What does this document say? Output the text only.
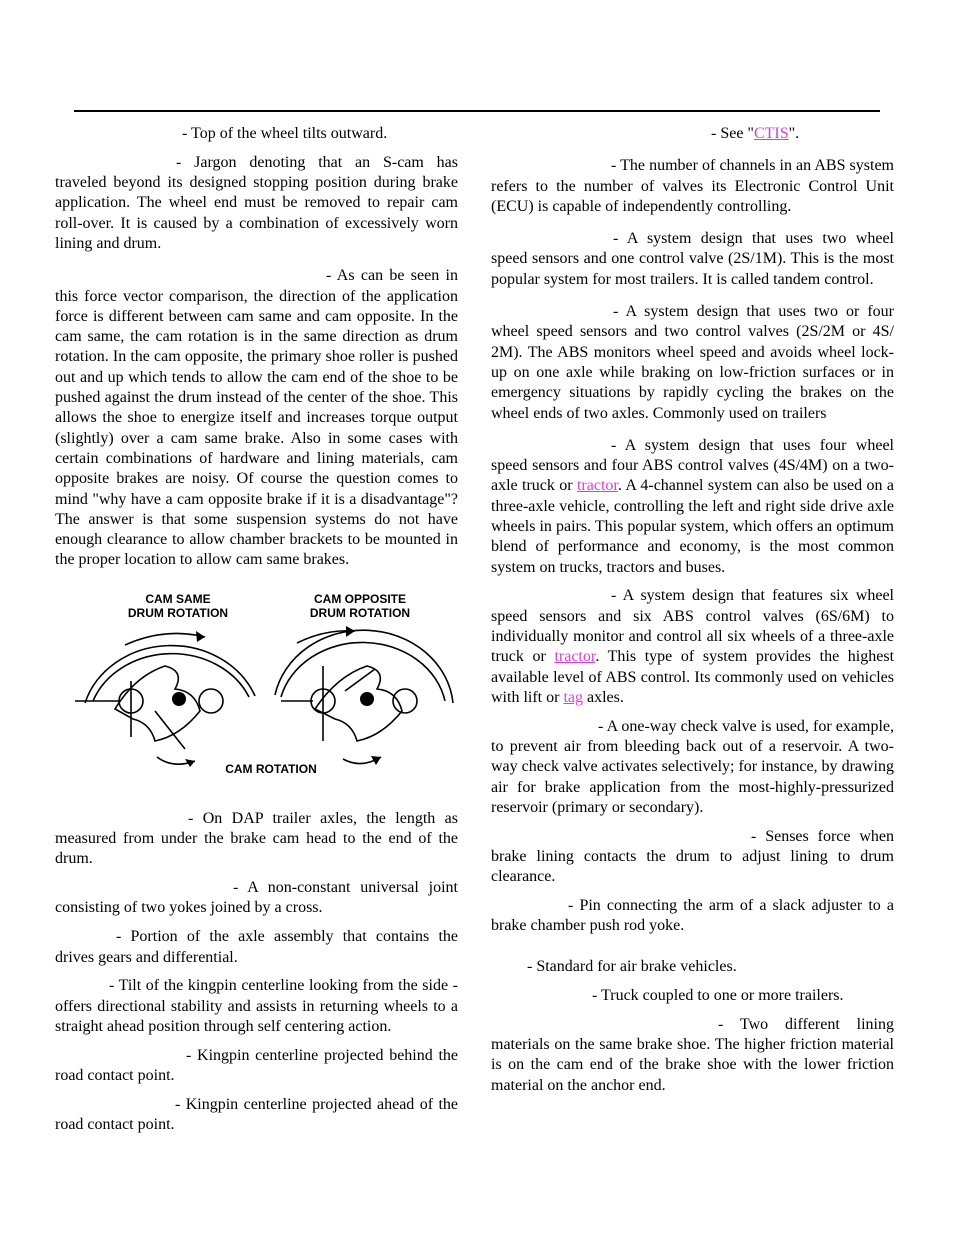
- Top of the wheel tilts outward.

- Jargon denoting that an S-cam has traveled beyond its designed stopping position during brake application. The wheel end must be removed to repair cam roll-over. It is caused by a combination of excessively worn lining and drum.

- As can be seen in this force vector comparison, the direction of the application force is different between cam same and cam opposite. In the cam same, the cam rotation is in the same direction as drum rotation. In the cam opposite, the primary shoe roller is pushed out and up which tends to allow the cam end of the shoe to be pushed against the drum instead of the center of the shoe. This allows the shoe to energize itself and increases torque output (slightly) over a cam same brake. Also in some cases with certain combinations of hardware and lining materials, cam opposite brakes are noisy. Of course the question comes to mind "why have a cam opposite brake if it is a disadvantage"? The answer is that some suspension systems do not have enough clearance to allow chamber brackets to be mounted in the proper location to allow cam same brakes.

CAM SAME
DRUM ROTATION
CAM OPPOSITE
DRUM ROTATION
CAM ROTATION

- On DAP trailer axles, the length as measured from under the brake cam head to the end of the drum.

- A non-constant universal joint consisting of two yokes joined by a cross.

- Portion of the axle assembly that contains the drives gears and differential.

- Tilt of the kingpin centerline looking from the side - offers directional stability and assists in returning wheels to a straight ahead position through self centering action.

- Kingpin centerline projected behind the road contact point.

- Kingpin centerline projected ahead of the road contact point.

- See "CTIS".

- The number of channels in an ABS system refers to the number of valves its Electronic Control Unit (ECU) is capable of independently controlling.

- A system design that uses two wheel speed sensors and one control valve (2S/1M). This is the most popular system for most trailers. It is called tandem control.

- A system design that uses two or four wheel speed sensors and two control valves (2S/2M or 4S/ 2M). The ABS monitors wheel speed and avoids wheel lock-up on one axle while braking on low-friction surfaces or in emergency situations by rapidly cycling the brakes on the wheel ends of two axles. Commonly used on trailers

- A system design that uses four wheel speed sensors and four ABS control valves (4S/4M) on a two-axle truck or tractor. A 4-channel system can also be used on a three-axle vehicle, controlling the left and right side drive axle wheels in pairs. This popular system, which offers an optimum blend of performance and economy, is the most common system on trucks, tractors and buses.

- A system design that features six wheel speed sensors and six ABS control valves (6S/6M) to individually monitor and control all six wheels of a three-axle truck or tractor. This type of system provides the highest available level of ABS control. Its commonly used on vehicles with lift or tag axles.

- A one-way check valve is used, for example, to prevent air from bleeding back out of a reservoir. A two-way check valve activates selectively; for instance, by drawing air for brake application from the most-highly-pressurized reservoir (primary or secondary).

- Senses force when brake lining contacts the drum to adjust lining to drum clearance.

- Pin connecting the arm of a slack adjuster to a brake chamber push rod yoke.

- Standard for air brake vehicles.

- Truck coupled to one or more trailers.

- Two different lining materials on the same brake shoe. The higher friction material is on the cam end of the brake shoe with the lower friction material on the anchor end.
